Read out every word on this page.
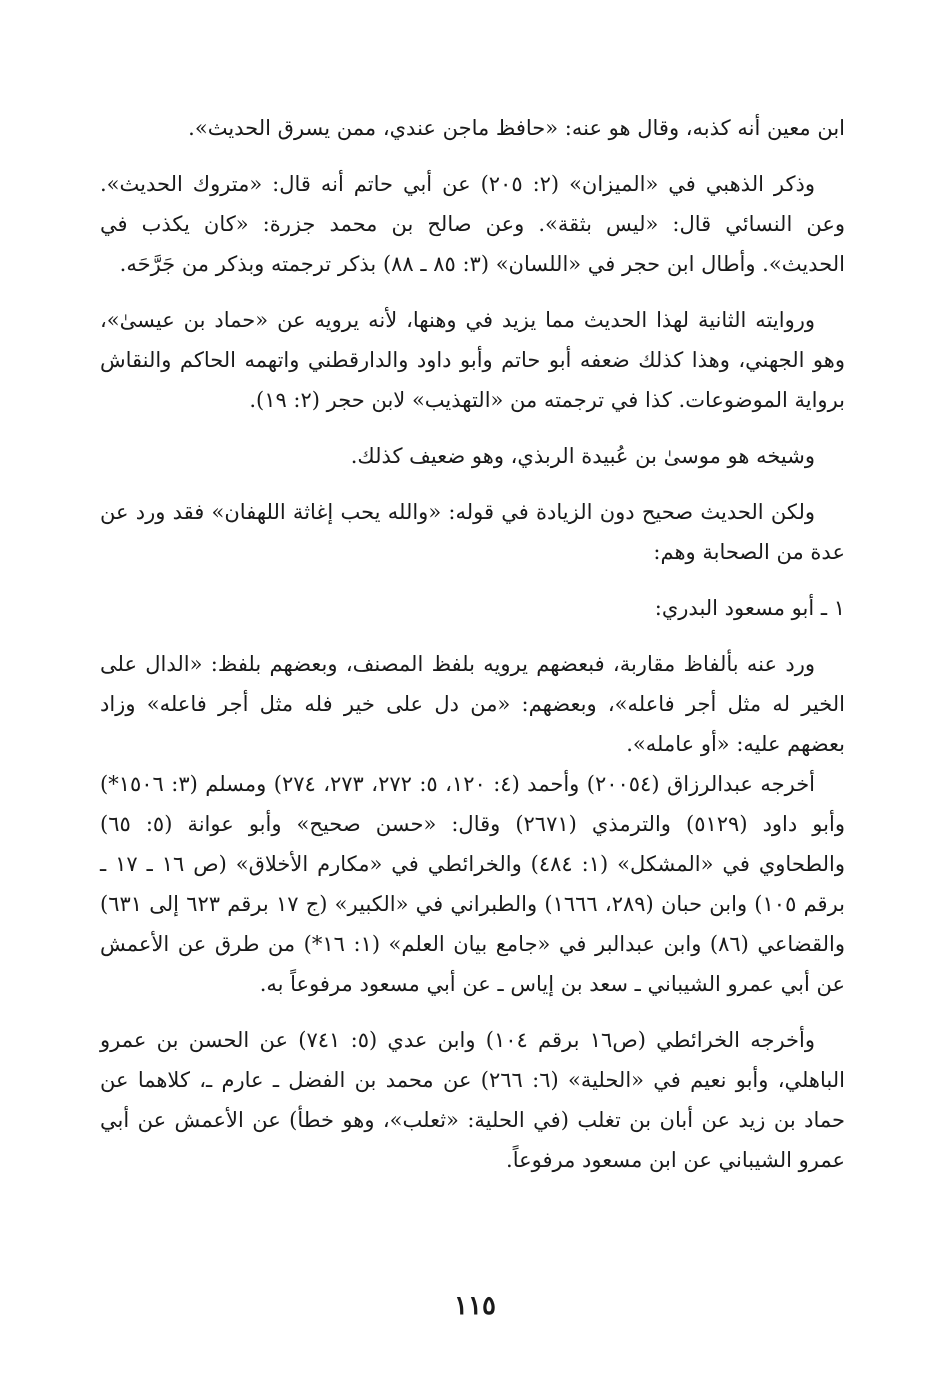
ابن معين أنه كذبه، وقال هو عنه: «حافظ ماجن عندي، ممن يسرق الحديث».

وذكر الذهبي في «الميزان» (٢: ٢٠٥) عن أبي حاتم أنه قال: «متروك الحديث». وعن النسائي قال: «ليس بثقة». وعن صالح بن محمد جزرة: «كان يكذب في الحديث». وأطال ابن حجر في «اللسان» (٣: ٨٥ ـ ٨٨) بذكر ترجمته وبذكر من جَرَّحَه.

وروايته الثانية لهذا الحديث مما يزيد في وهنها، لأنه يرويه عن «حماد بن عيسىٰ»، وهو الجهني، وهذا كذلك ضعفه أبو حاتم وأبو داود والدارقطني واتهمه الحاكم والنقاش برواية الموضوعات. كذا في ترجمته من «التهذيب» لابن حجر (٢: ١٩).

وشيخه هو موسىٰ بن عُبيدة الربذي، وهو ضعيف كذلك.

ولكن الحديث صحيح دون الزيادة في قوله: «والله يحب إغاثة اللهفان» فقد ورد عن عدة من الصحابة وهم:

١ ـ أبو مسعود البدري:

ورد عنه بألفاظ مقاربة، فبعضهم يرويه بلفظ المصنف، وبعضهم بلفظ: «الدال على الخير له مثل أجر فاعله»، وبعضهم: «من دل على خير فله مثل أجر فاعله» وزاد بعضهم عليه: «أو عامله».

أخرجه عبدالرزاق (٢٠٠٥٤) وأحمد (٤: ١٢٠، ٥: ٢٧٢، ٢٧٣، ٢٧٤) ومسلم (٣: ١٥٠٦*) وأبو داود (٥١٢٩) والترمذي (٢٦٧١) وقال: «حسن صحيح» وأبو عوانة (٥: ٦٥) والطحاوي في «المشكل» (١: ٤٨٤) والخرائطي في «مكارم الأخلاق» (ص ١٦ ـ ١٧ ـ برقم ١٠٥) وابن حبان (٢٨٩، ١٦٦٦) والطبراني في «الكبير» (ج ١٧ برقم ٦٢٣ إلى ٦٣١) والقضاعي (٨٦) وابن عبدالبر في «جامع بيان العلم» (١: ١٦*) من طرق عن الأعمش عن أبي عمرو الشيباني ـ سعد بن إياس ـ عن أبي مسعود مرفوعاً به.

وأخرجه الخرائطي (ص١٦ برقم ١٠٤) وابن عدي (٥: ٧٤١) عن الحسن بن عمرو الباهلي، وأبو نعيم في «الحلية» (٦: ٢٦٦) عن محمد بن الفضل ـ عارم ـ، كلاهما عن حماد بن زيد عن أبان بن تغلب (في الحلية: «ثعلب»، وهو خطأ) عن الأعمش عن أبي عمرو الشيباني عن ابن مسعود مرفوعاً.

١١٥
